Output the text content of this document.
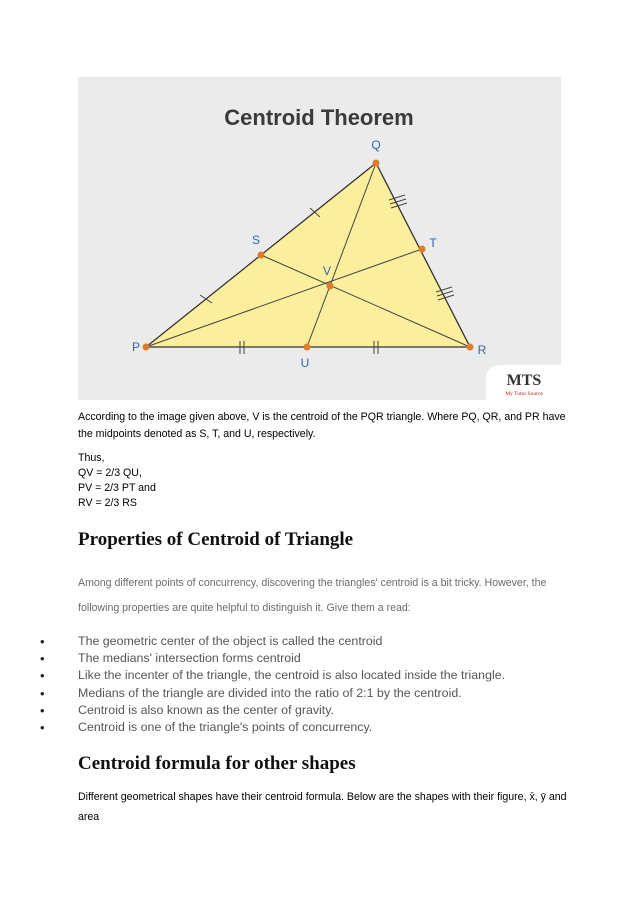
Centroid Theorem
Q
S	T
V
P
U
R
MTS
My Tutor Source
According to the image given above, V is the centroid of the PQR triangle. Where PQ, QR, and PR have the midpoints denoted as S, T, and U, respectively.
Thus,
QV = 2/3 QU,
PV = 2/3 PT and
RV = 2/3 RS
Properties of Centroid of Triangle
Among different points of concurrency, discovering the triangles' centroid is a bit tricky. However, the following properties are quite helpful to distinguish it. Give them a read:
•	The geometric center of the object is called the centroid
•	The medians' intersection forms centroid
•	Like the incenter of the triangle, the centroid is also located inside the triangle.
•	Medians of the triangle are divided into the ratio of 2:1 by the centroid.
•	Centroid is also known as the center of gravity.
•	Centroid is one of the triangle's points of concurrency.
Centroid formula for other shapes
Different geometrical shapes have their centroid formula. Below are the shapes with their figure, x̄, ȳ and area
